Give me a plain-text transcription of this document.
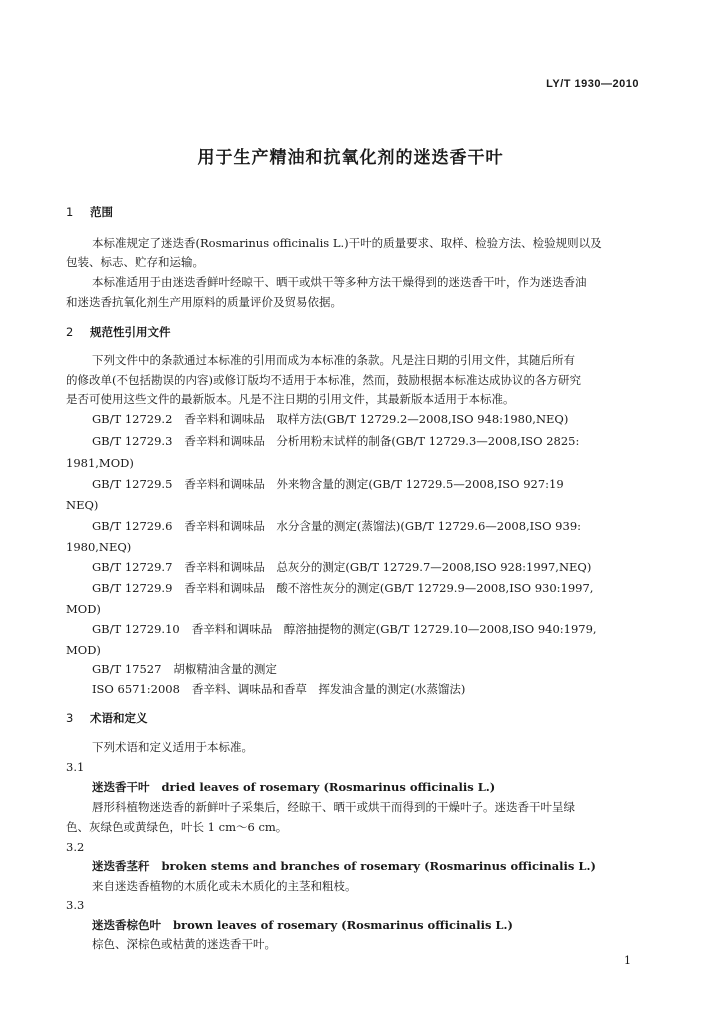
LY/T 1930—2010
用于生产精油和抗氧化剂的迷迭香干叶
1 范围
本标准规定了迷迭香(Rosmarinus officinalis L.)干叶的质量要求、取样、检验方法、检验规则以及
包装、标志、贮存和运输。
本标准适用于由迷迭香鲜叶经晾干、晒干或烘干等多种方法干燥得到的迷迭香干叶，作为迷迭香油
和迷迭香抗氧化剂生产用原料的质量评价及贸易依据。
2 规范性引用文件
下列文件中的条款通过本标准的引用而成为本标准的条款。凡是注日期的引用文件，其随后所有
的修改单(不包括勘误的内容)或修订版均不适用于本标准，然而，鼓励根据本标准达成协议的各方研究
是否可使用这些文件的最新版本。凡是不注日期的引用文件，其最新版本适用于本标准。
GB/T 12729.2 香辛料和调味品　取样方法(GB/T 12729.2—2008,ISO 948:1980,NEQ)
GB/T 12729.3 香辛料和调味品　分析用粉末试样的制备(GB/T 12729.3—2008,ISO 2825:
1981,MOD)
GB/T 12729.5 香辛料和调味品　外来物含量的测定(GB/T 12729.5—2008,ISO 927:19
NEQ)
GB/T 12729.6 香辛料和调味品　水分含量的测定(蒸馏法)(GB/T 12729.6—2008,ISO 939:
1980,NEQ)
GB/T 12729.7 香辛料和调味品　总灰分的测定(GB/T 12729.7—2008,ISO 928:1997,NEQ)
GB/T 12729.9 香辛料和调味品　酸不溶性灰分的测定(GB/T 12729.9—2008,ISO 930:1997,
MOD)
GB/T 12729.10 香辛料和调味品　醇溶抽提物的测定(GB/T 12729.10—2008,ISO 940:1979,
MOD)
GB/T 17527 胡椒精油含量的测定
ISO 6571:2008 香辛料、调味品和香草　挥发油含量的测定(水蒸馏法)
3 术语和定义
下列术语和定义适用于本标准。
3.1
迷迭香干叶 dried leaves of rosemary (Rosmarinus officinalis L.)
唇形科植物迷迭香的新鲜叶子采集后，经晾干、晒干或烘干而得到的干燥叶子。迷迭香干叶呈绿
色、灰绿色或黄绿色，叶长 1 cm～6 cm。
3.2
迷迭香茎秆 broken stems and branches of rosemary (Rosmarinus officinalis L.)
来自迷迭香植物的木质化或未木质化的主茎和粗枝。
3.3
迷迭香棕色叶 brown leaves of rosemary (Rosmarinus officinalis L.)
棕色、深棕色或枯黄的迷迭香干叶。
1
